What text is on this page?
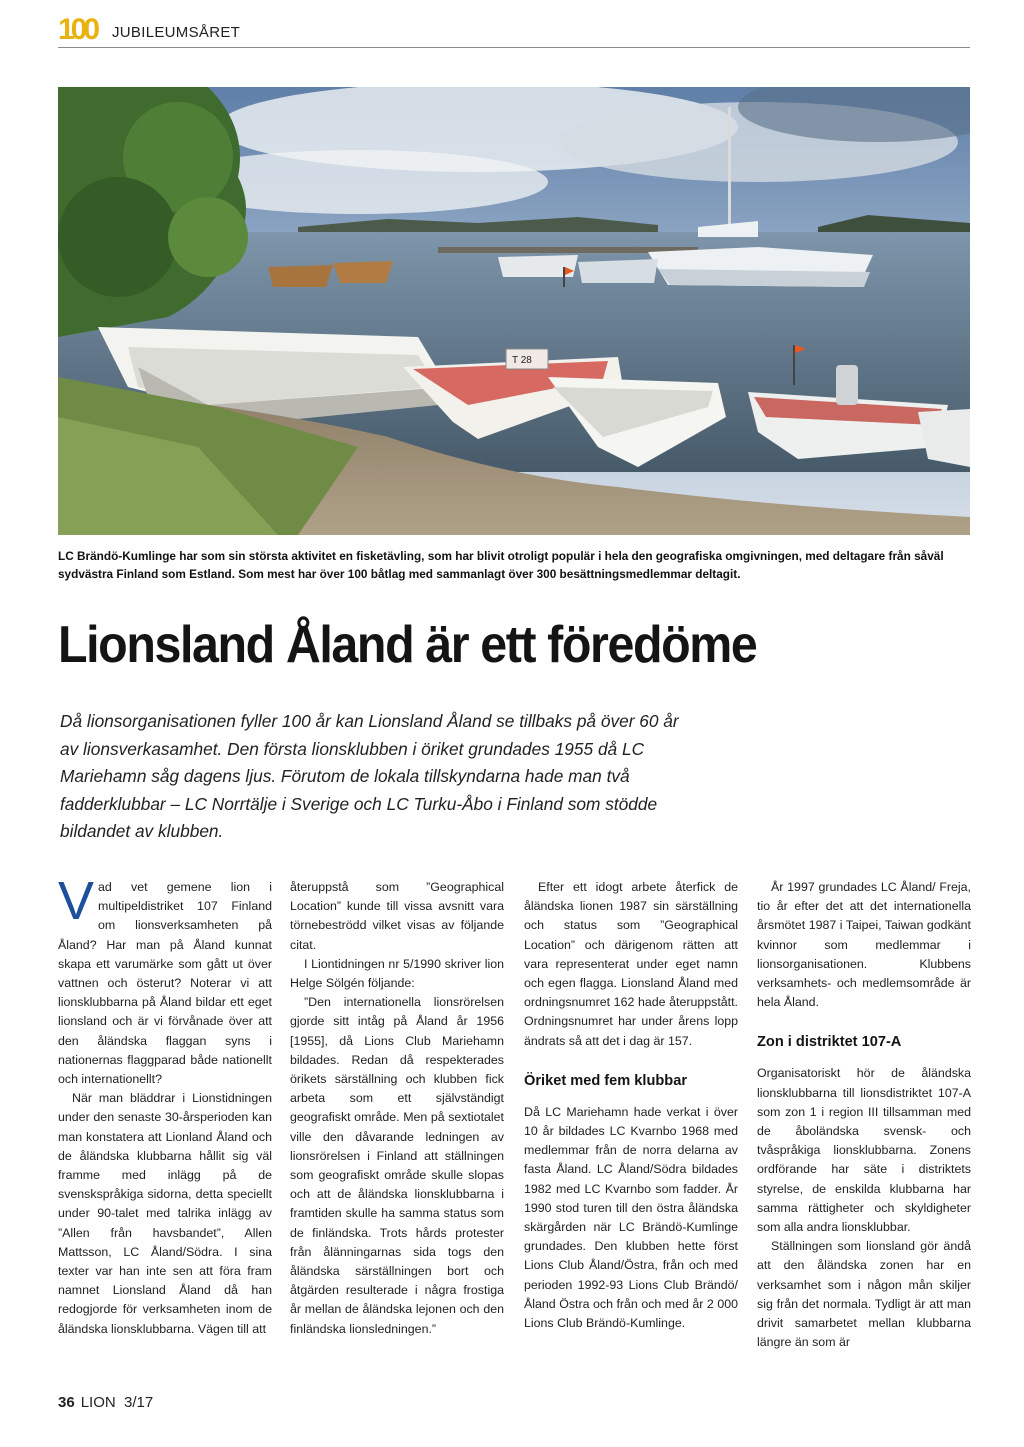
100 JUBILEUMSÅRET
T 28
LC Brändö-Kumlinge har som sin största aktivitet en fisketävling, som har blivit otroligt populär i hela den geografiska omgivningen, med deltagare från såväl sydvästra Finland som Estland. Som mest har över 100 båtlag med sammanlagt över 300 besättningsmedlemmar deltagit.
Lionsland Åland är ett föredöme

Då lionsorganisationen fyller 100 år kan Lionsland Åland se tillbaks på över 60 år av lionsverkasamhet. Den första lionsklubben i öriket grundades 1955 då LC Mariehamn såg dagens ljus. Förutom de lokala tillskyndarna hade man två fadderklubbar – LC Norrtälje i Sverige och LC Turku-Åbo i Finland som stödde bildandet av klubben.

Vad vet gemene lion i multipeldistriket 107 Finland om lionsverksamheten på Åland? Har man på Åland kunnat skapa ett varumärke som gått ut över vattnen och österut? Noterar vi att lionsklubbarna på Åland bildar ett eget lionsland och är vi förvånade över att den åländska flaggan syns i nationernas flaggparad både nationellt och internationellt?

När man bläddrar i Lionstidningen under den senaste 30-årsperioden kan man konstatera att Lionland Åland och de åländska klubbarna hållit sig väl framme med inlägg på de svenskspråkiga sidorna, detta speciellt under 90-talet med talrika inlägg av ”Allen från havsbandet”, Allen Mattsson, LC Åland/Södra. I sina texter var han inte sen att föra fram namnet Lionsland Åland då han redogjorde för verksamheten inom de åländska lionsklubbarna. Vägen till att

återuppstå som ”Geographical Location” kunde till vissa avsnitt vara törnebeströdd vilket visas av följande citat.

I Liontidningen nr 5/1990 skriver lion Helge Sölgén följande:

”Den internationella lionsrörelsen gjorde sitt intåg på Åland år 1956 [1955], då Lions Club Mariehamn bildades. Redan då respekterades örikets särställning och klubben fick arbeta som ett självständigt geografiskt område. Men på sextiotalet ville den dåvarande ledningen av lionsrörelsen i Finland att ställningen som geografiskt område skulle slopas och att de åländska lionsklubbarna i framtiden skulle ha samma status som de finländska. Trots hårds protester från ålänningarnas sida togs den åländska särställningen bort och åtgärden resulterade i några frostiga år mellan de åländska lejonen och den finländska lionsledningen.”

Efter ett idogt arbete återfick de åländska lionen 1987 sin särställning och status som ”Geographical Location” och därigenom rätten att vara representerat under eget namn och egen flagga. Lionsland Åland med ordningsnumret 162 hade återuppstått. Ordningsnumret har under årens lopp ändrats så att det i dag är 157.

Öriket med fem klubbar

Då LC Mariehamn hade verkat i över 10 år bildades LC Kvarnbo 1968 med medlemmar från de norra delarna av fasta Åland. LC Åland/Södra bildades 1982 med LC Kvarnbo som fadder. År 1990 stod turen till den östra åländska skärgården när LC Brändö-Kumlinge grundades. Den klubben hette först Lions Club Åland/Östra, från och med perioden 1992-93 Lions Club Brändö/ Åland Östra och från och med år 2 000 Lions Club Brändö-Kumlinge.

År 1997 grundades LC Åland/ Freja, tio år efter det att det internationella årsmötet 1987 i Taipei, Taiwan godkänt kvinnor som medlemmar i lionsorganisationen. Klubbens verksamhets- och medlemsområde är hela Åland.

Zon i distriktet 107-A

Organisatoriskt hör de åländska lionsklubbarna till lionsdistriktet 107-A som zon 1 i region III tillsamman med de åboländska svensk- och tvåspråkiga lionsklubbarna. Zonens ordförande har säte i distriktets styrelse, de enskilda klubbarna har samma rättigheter och skyldigheter som alla andra lionsklubbar.

Ställningen som lionsland gör ändå att den åländska zonen har en verksamhet som i någon mån skiljer sig från det normala. Tydligt är att man drivit samarbetet mellan klubbarna längre än som är

36 LION 3/17
